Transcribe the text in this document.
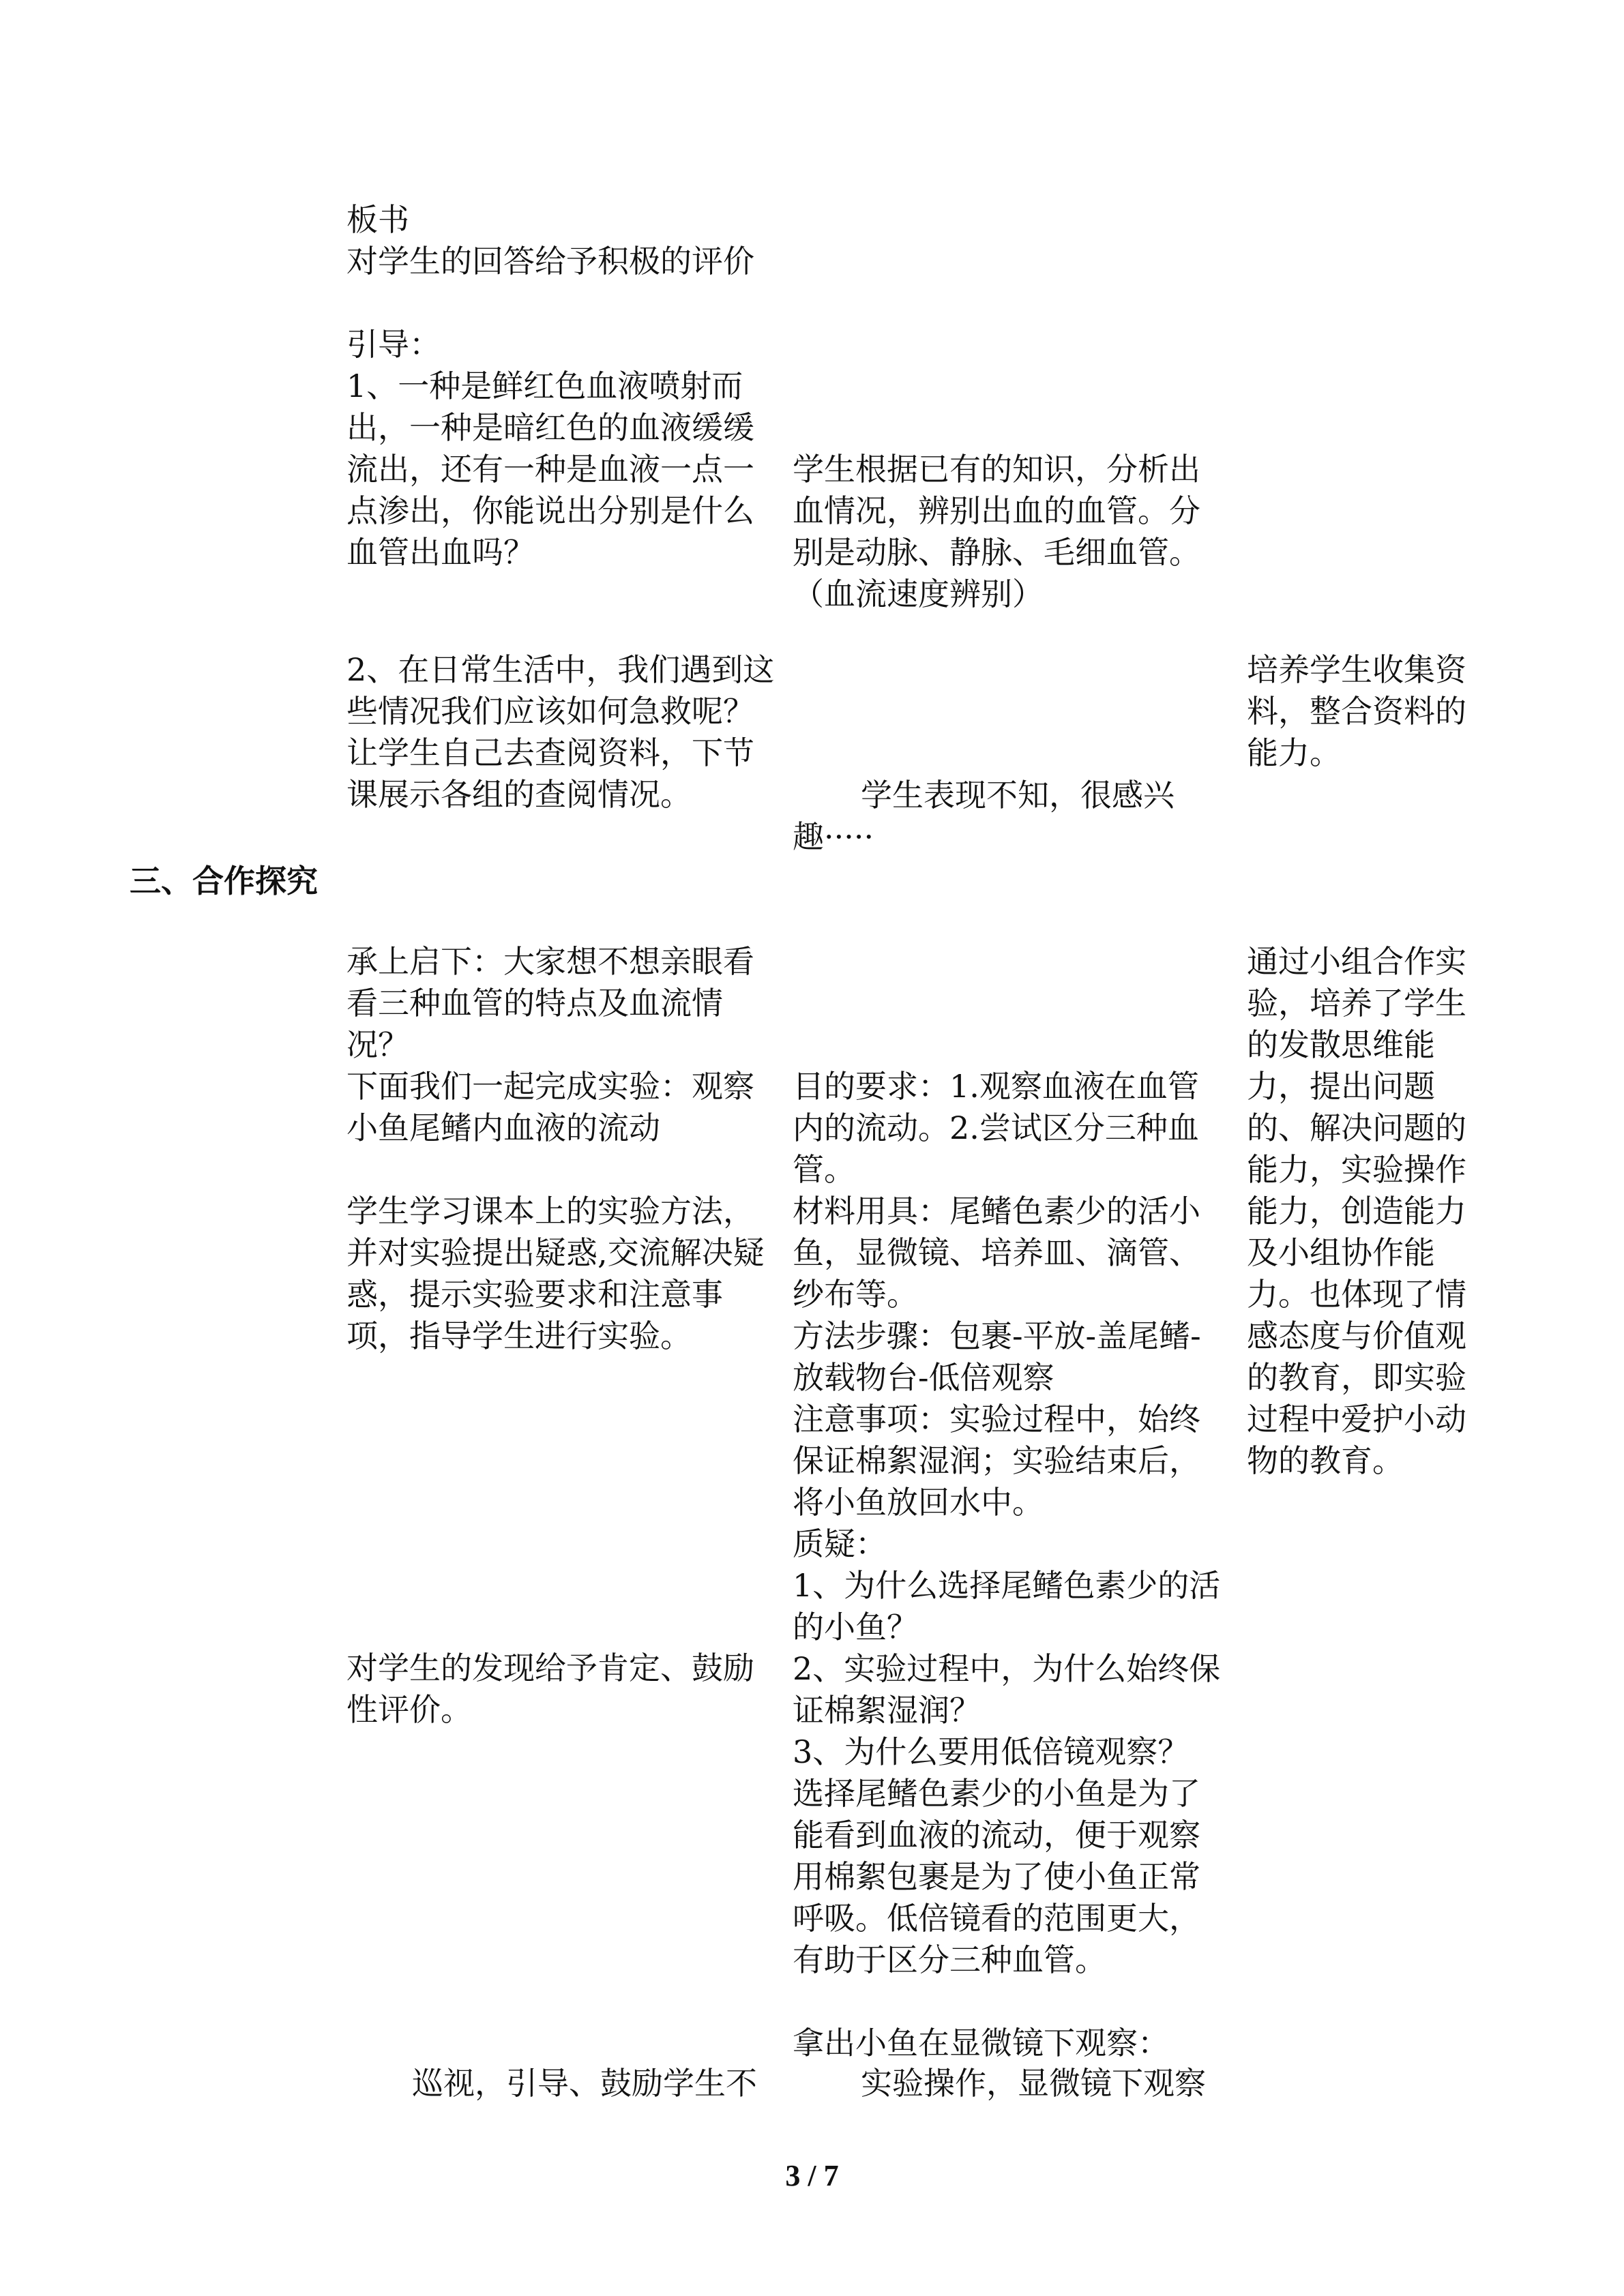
板书
对学生的回答给予积极的评价
引导：
1、一种是鲜红色血液喷射而
出，一种是暗红色的血液缓缓
流出，还有一种是血液一点一
点渗出，你能说出分别是什么
血管出血吗？
学生根据已有的知识，分析出
血情况，辨别出血的血管。分
别是动脉、静脉、毛细血管。
（血流速度辨别）
2、在日常生活中，我们遇到这
些情况我们应该如何急救呢？
让学生自己去查阅资料，下节
课展示各组的查阅情况。	学生表现不知，很感兴
趣·····
培养学生收集资
料，整合资料的
能力。
三、合作探究
承上启下：大家想不想亲眼看
看三种血管的特点及血流情
况？
下面我们一起完成实验：观察
小鱼尾鳍内血液的流动
学生学习课本上的实验方法，
并对实验提出疑惑,交流解决疑
惑，提示实验要求和注意事
项，指导学生进行实验。
对学生的发现给予肯定、鼓励
性评价。
巡视，引导、鼓励学生不
目的要求：1.观察血液在血管
内的流动。2.尝试区分三种血
管。
材料用具：尾鳍色素少的活小
鱼，显微镜、培养皿、滴管、
纱布等。
方法步骤：包裹-平放-盖尾鳍-
放载物台-低倍观察
注意事项：实验过程中，始终
保证棉絮湿润；实验结束后，
将小鱼放回水中。
质疑：
1、为什么选择尾鳍色素少的活
的小鱼？
2、实验过程中，为什么始终保
证棉絮湿润？
3、为什么要用低倍镜观察？
选择尾鳍色素少的小鱼是为了
能看到血液的流动，便于观察
用棉絮包裹是为了使小鱼正常
呼吸。低倍镜看的范围更大，
有助于区分三种血管。
拿出小鱼在显微镜下观察：
实验操作，显微镜下观察
通过小组合作实
验，培养了学生
的发散思维能
力，提出问题
的、解决问题的
能力，实验操作
能力，创造能力
及小组协作能
力。也体现了情
感态度与价值观
的教育，即实验
过程中爱护小动
物的教育。
3 / 7
